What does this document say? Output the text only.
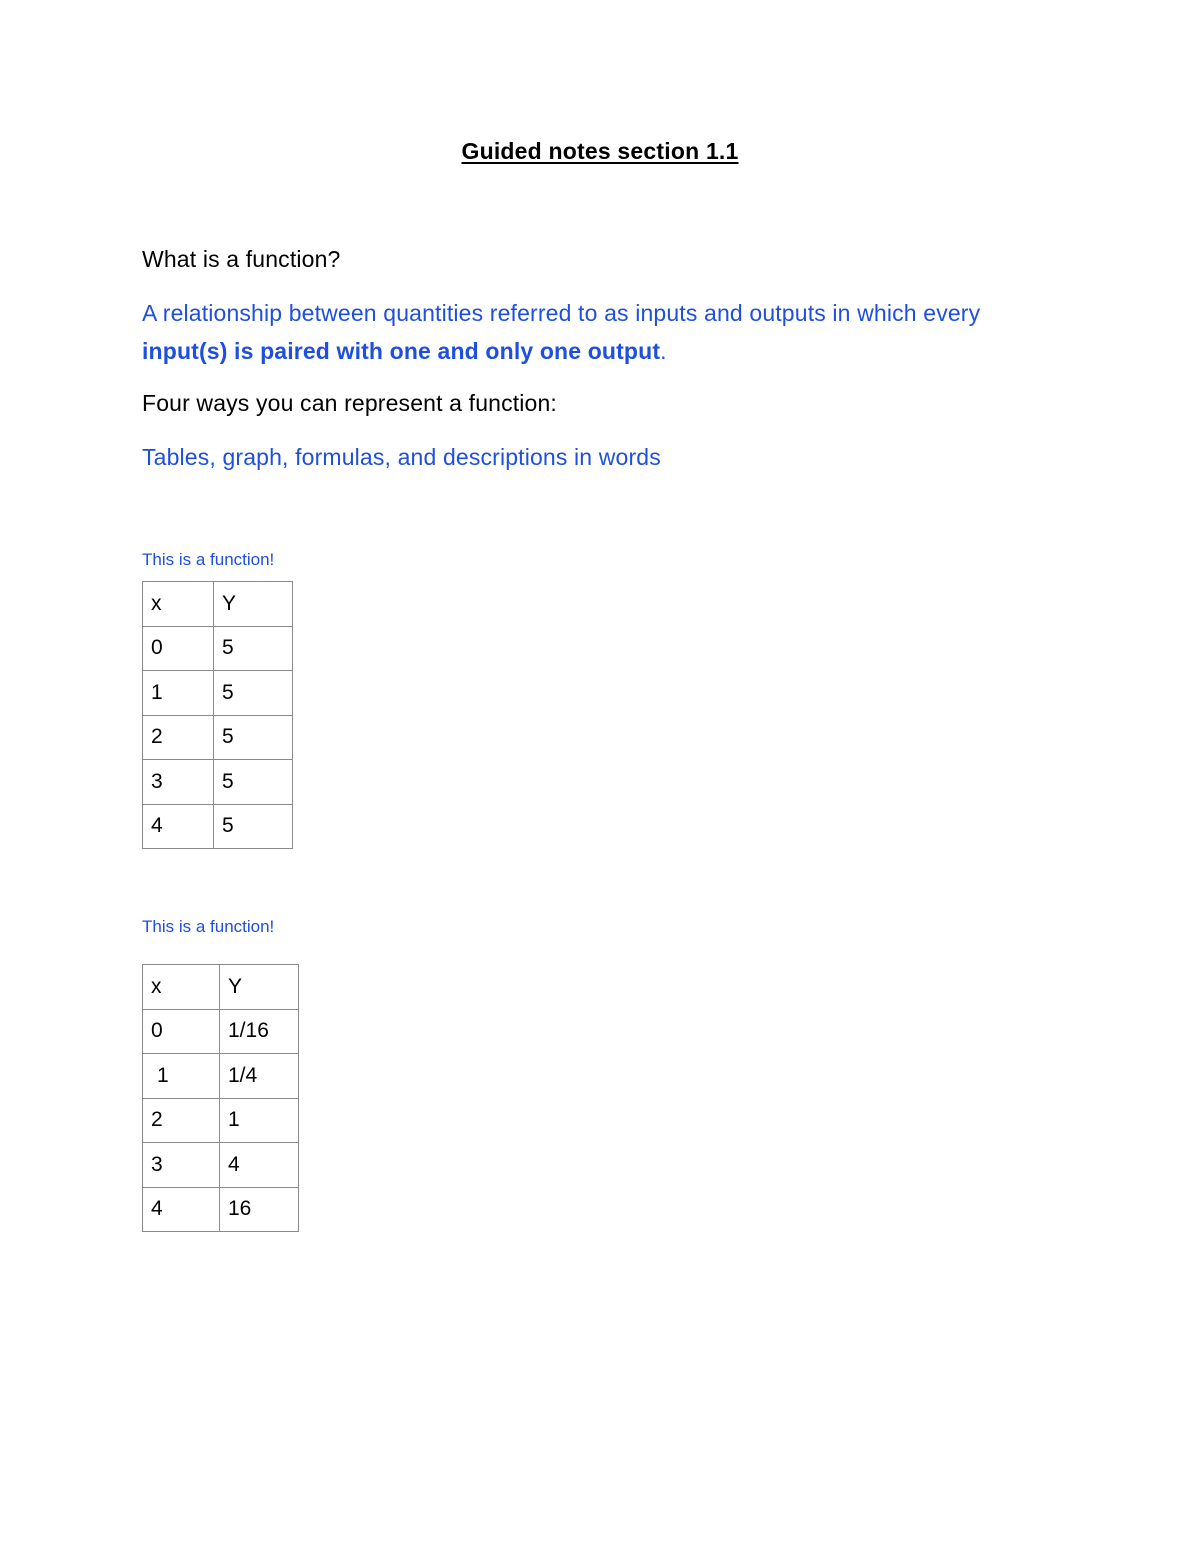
Guided notes section 1.1
What is a function?
A relationship between quantities referred to as inputs and outputs in which every
input(s) is paired with one and only one output.
Four ways you can represent a function:
Tables, graph, formulas, and descriptions in words
This is a function!
x	Y
0	5
1	5
2	5
3	5
4	5
This is a function!
x	Y
0	1/16
1	1/4
2	1
3	4
4	16
